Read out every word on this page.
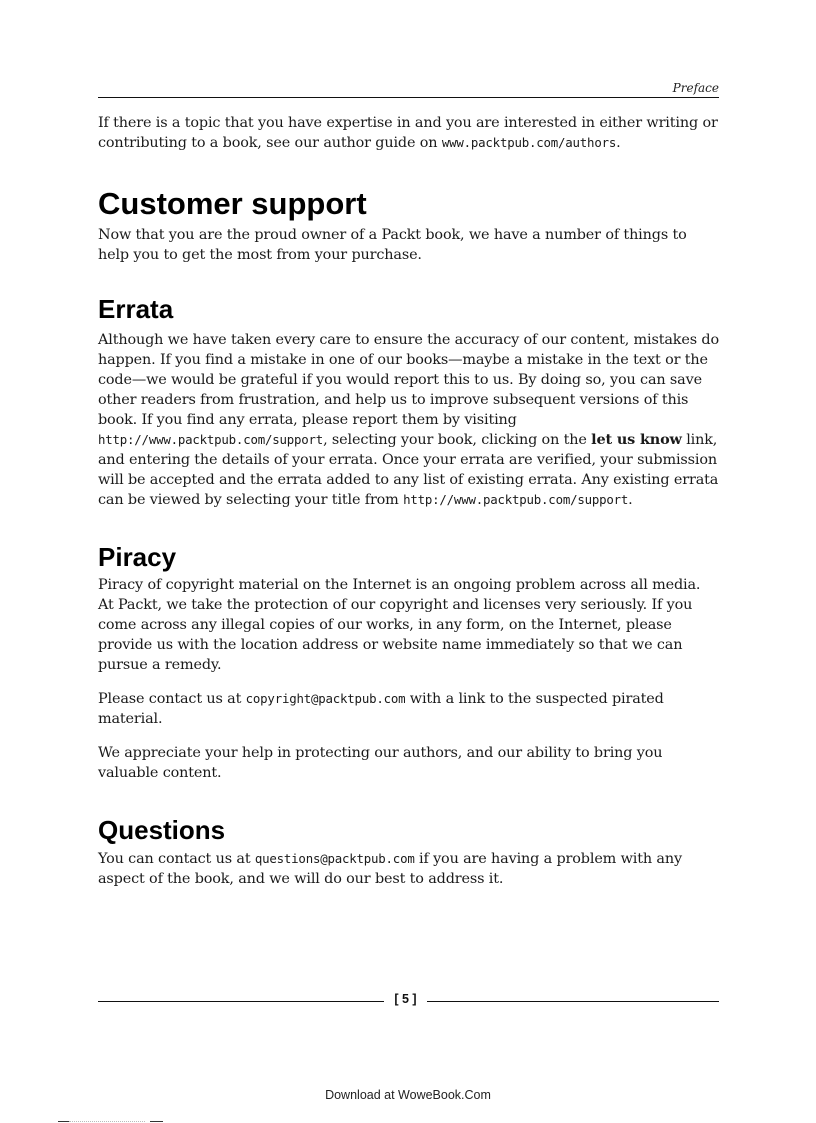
Preface

If there is a topic that you have expertise in and you are interested in either writing or contributing to a book, see our author guide on www.packtpub.com/authors.

Customer support

Now that you are the proud owner of a Packt book, we have a number of things to help you to get the most from your purchase.

Errata

Although we have taken every care to ensure the accuracy of our content, mistakes do happen. If you find a mistake in one of our books—maybe a mistake in the text or the code—we would be grateful if you would report this to us. By doing so, you can save other readers from frustration, and help us to improve subsequent versions of this book. If you find any errata, please report them by visiting http://www.packtpub.com/support, selecting your book, clicking on the let us know link, and entering the details of your errata. Once your errata are verified, your submission will be accepted and the errata added to any list of existing errata. Any existing errata can be viewed by selecting your title from http://www.packtpub.com/support.

Piracy

Piracy of copyright material on the Internet is an ongoing problem across all media. At Packt, we take the protection of our copyright and licenses very seriously. If you come across any illegal copies of our works, in any form, on the Internet, please provide us with the location address or website name immediately so that we can pursue a remedy.

Please contact us at copyright@packtpub.com with a link to the suspected pirated material.

We appreciate your help in protecting our authors, and our ability to bring you valuable content.

Questions

You can contact us at questions@packtpub.com if you are having a problem with any aspect of the book, and we will do our best to address it.

[ 5 ]
Download at WoweBook.Com
